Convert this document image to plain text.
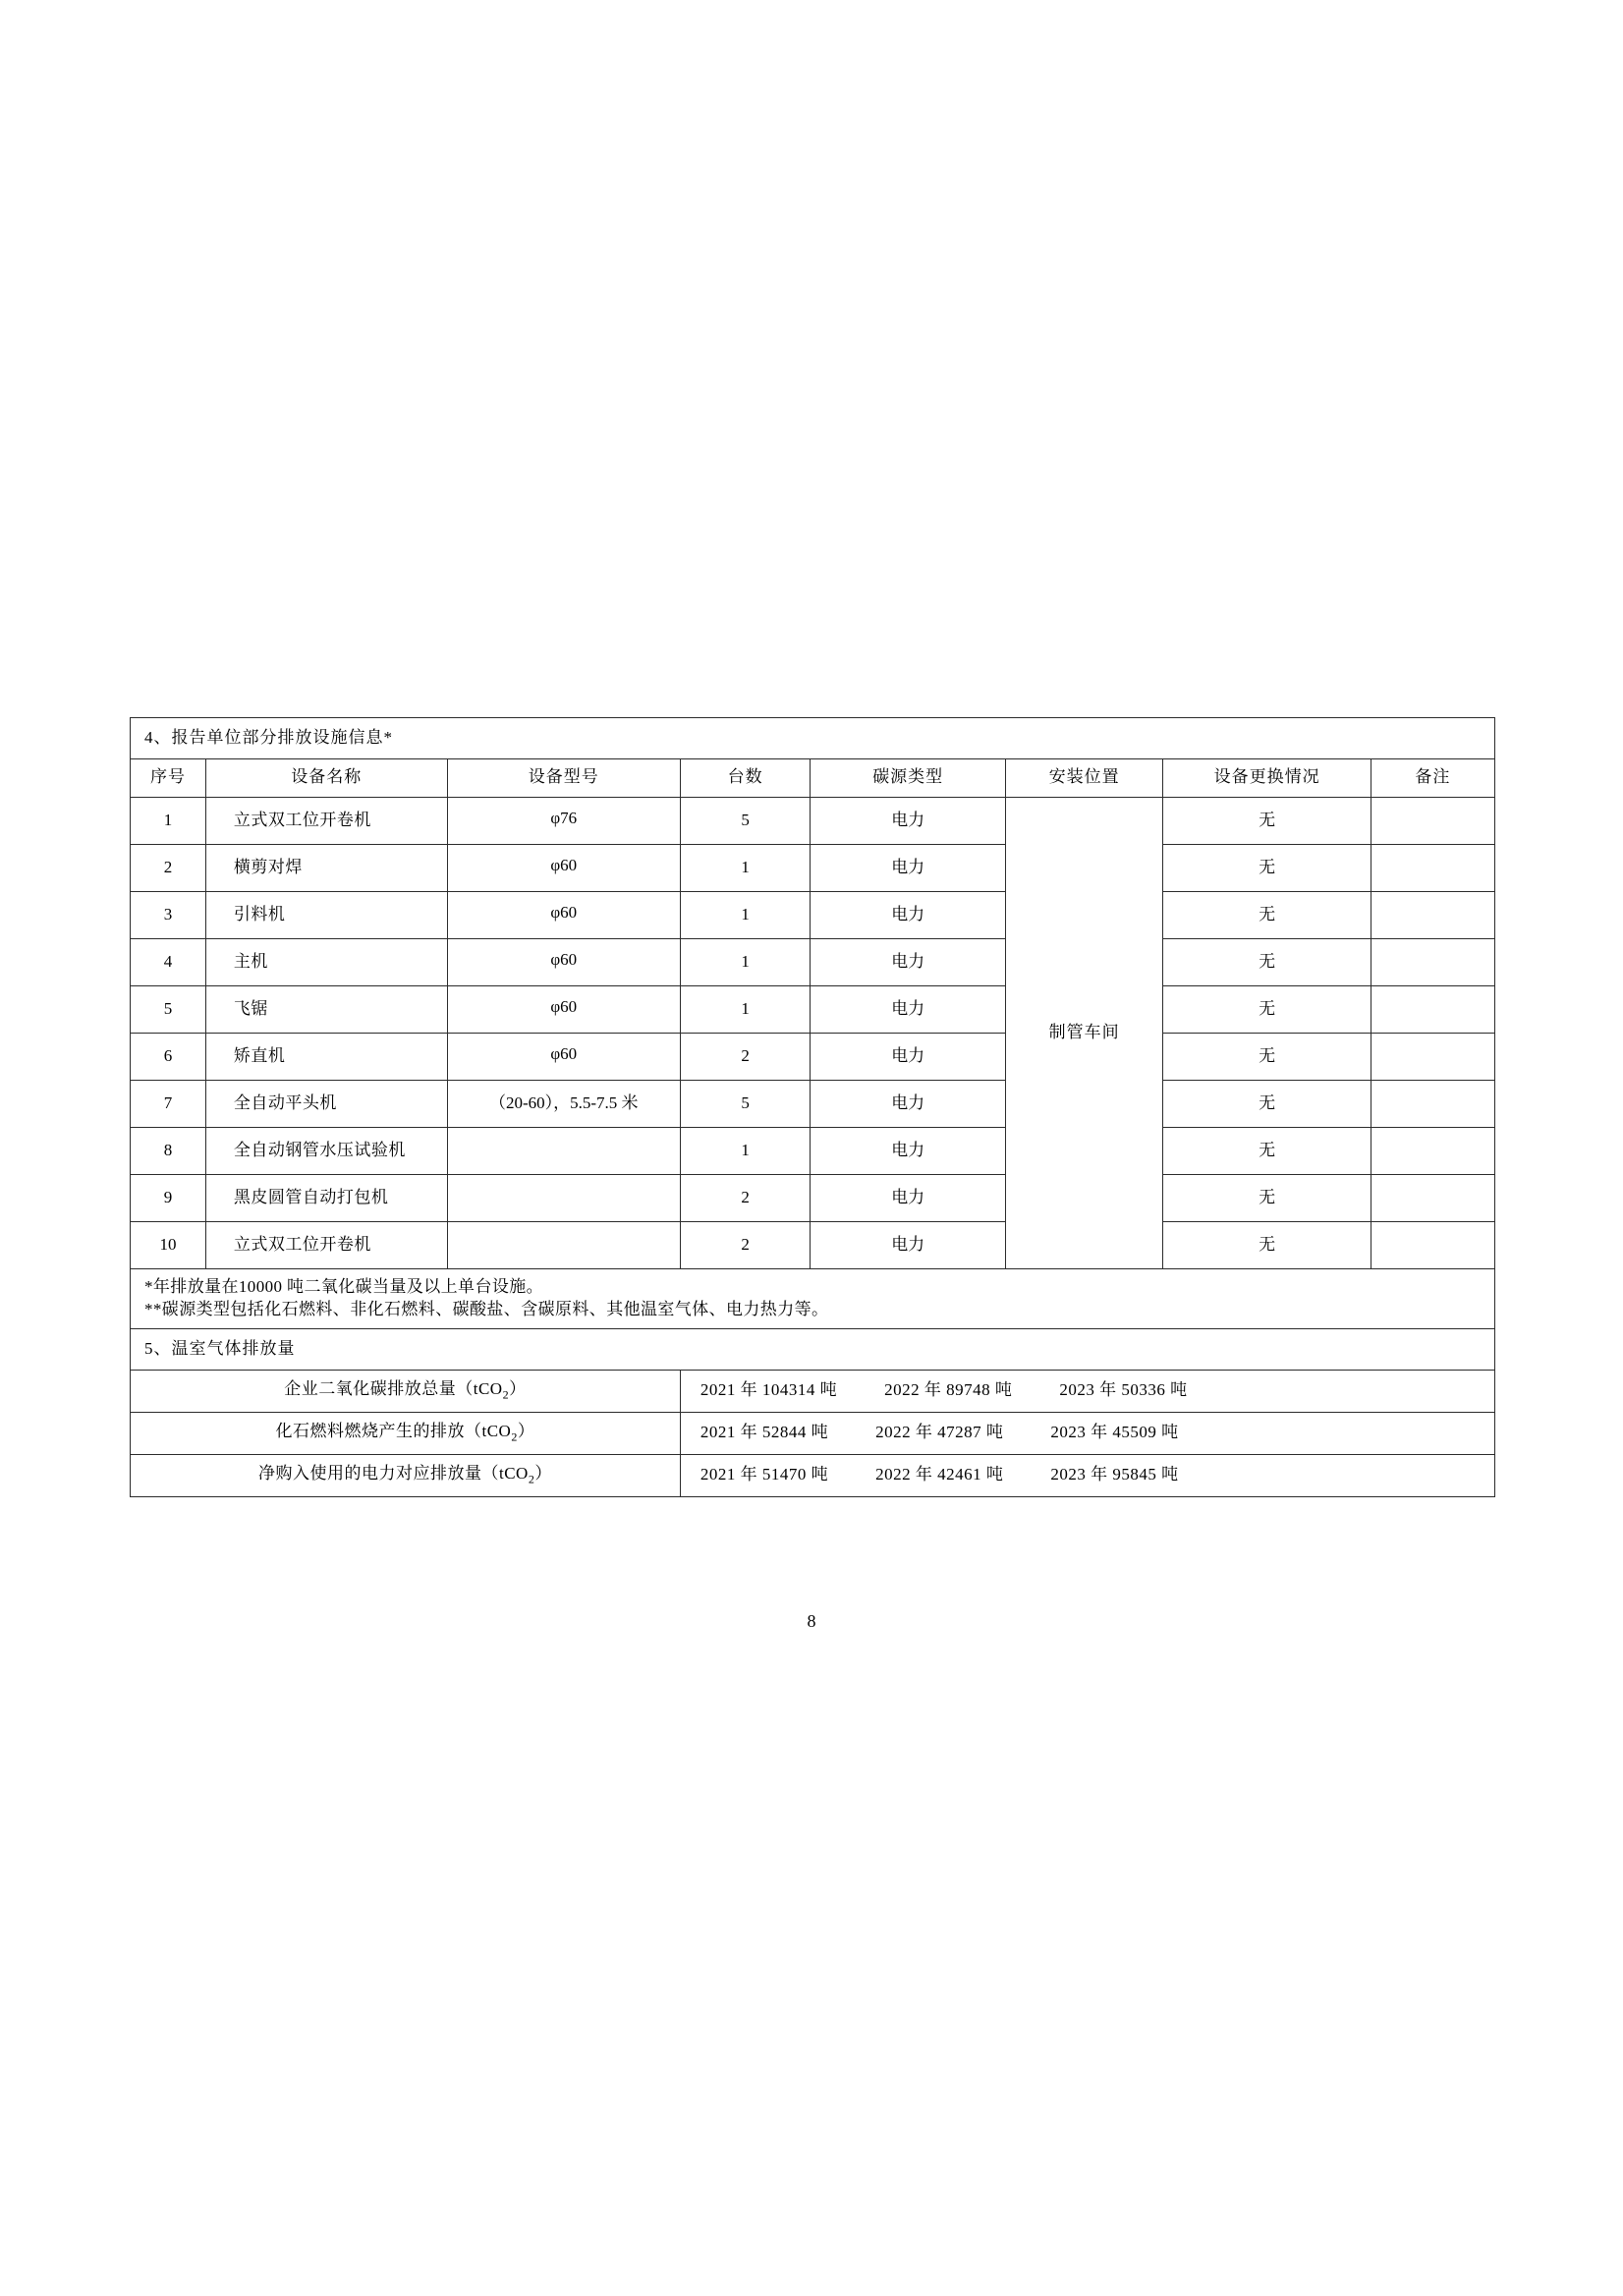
4、报告单位部分排放设施信息*							
序号	设备名称	设备型号	台数	碳源类型	安装位置	设备更换情况	备注
1	立式双工位开卷机	φ76	5	电力	制管车间	无	
2	横剪对焊	φ60	1	电力		无	
3	引料机	φ60	1	电力		无	
4	主机	φ60	1	电力		无	
5	飞锯	φ60	1	电力		无	
6	矫直机	φ60	2	电力		无	
7	全自动平头机	（20-60），5.5-7.5 米	5	电力		无	
8	全自动钢管水压试验机		1	电力		无	
9	黑皮圆管自动打包机		2	电力		无	
10	立式双工位开卷机		2	电力		无	

*年排放量在10000 吨二氧化碳当量及以上单台设施。
**碳源类型包括化石燃料、非化石燃料、碳酸盐、含碳原料、其他温室气体、电力热力等。							

5、温室气体排放量							
企业二氧化碳排放总量（tCO$_2$）			2021 年 104314 吨 2022 年 89748 吨 2023 年 50336 吨				
化石燃料燃烧产生的排放（tCO$_2$）			2021 年 52844 吨 2022 年 47287 吨 2023 年 45509 吨				
净购入使用的电力对应排放量（tCO$_2$）			2021 年 51470 吨 2022 年 42461 吨 2023 年 95845 吨				
8
